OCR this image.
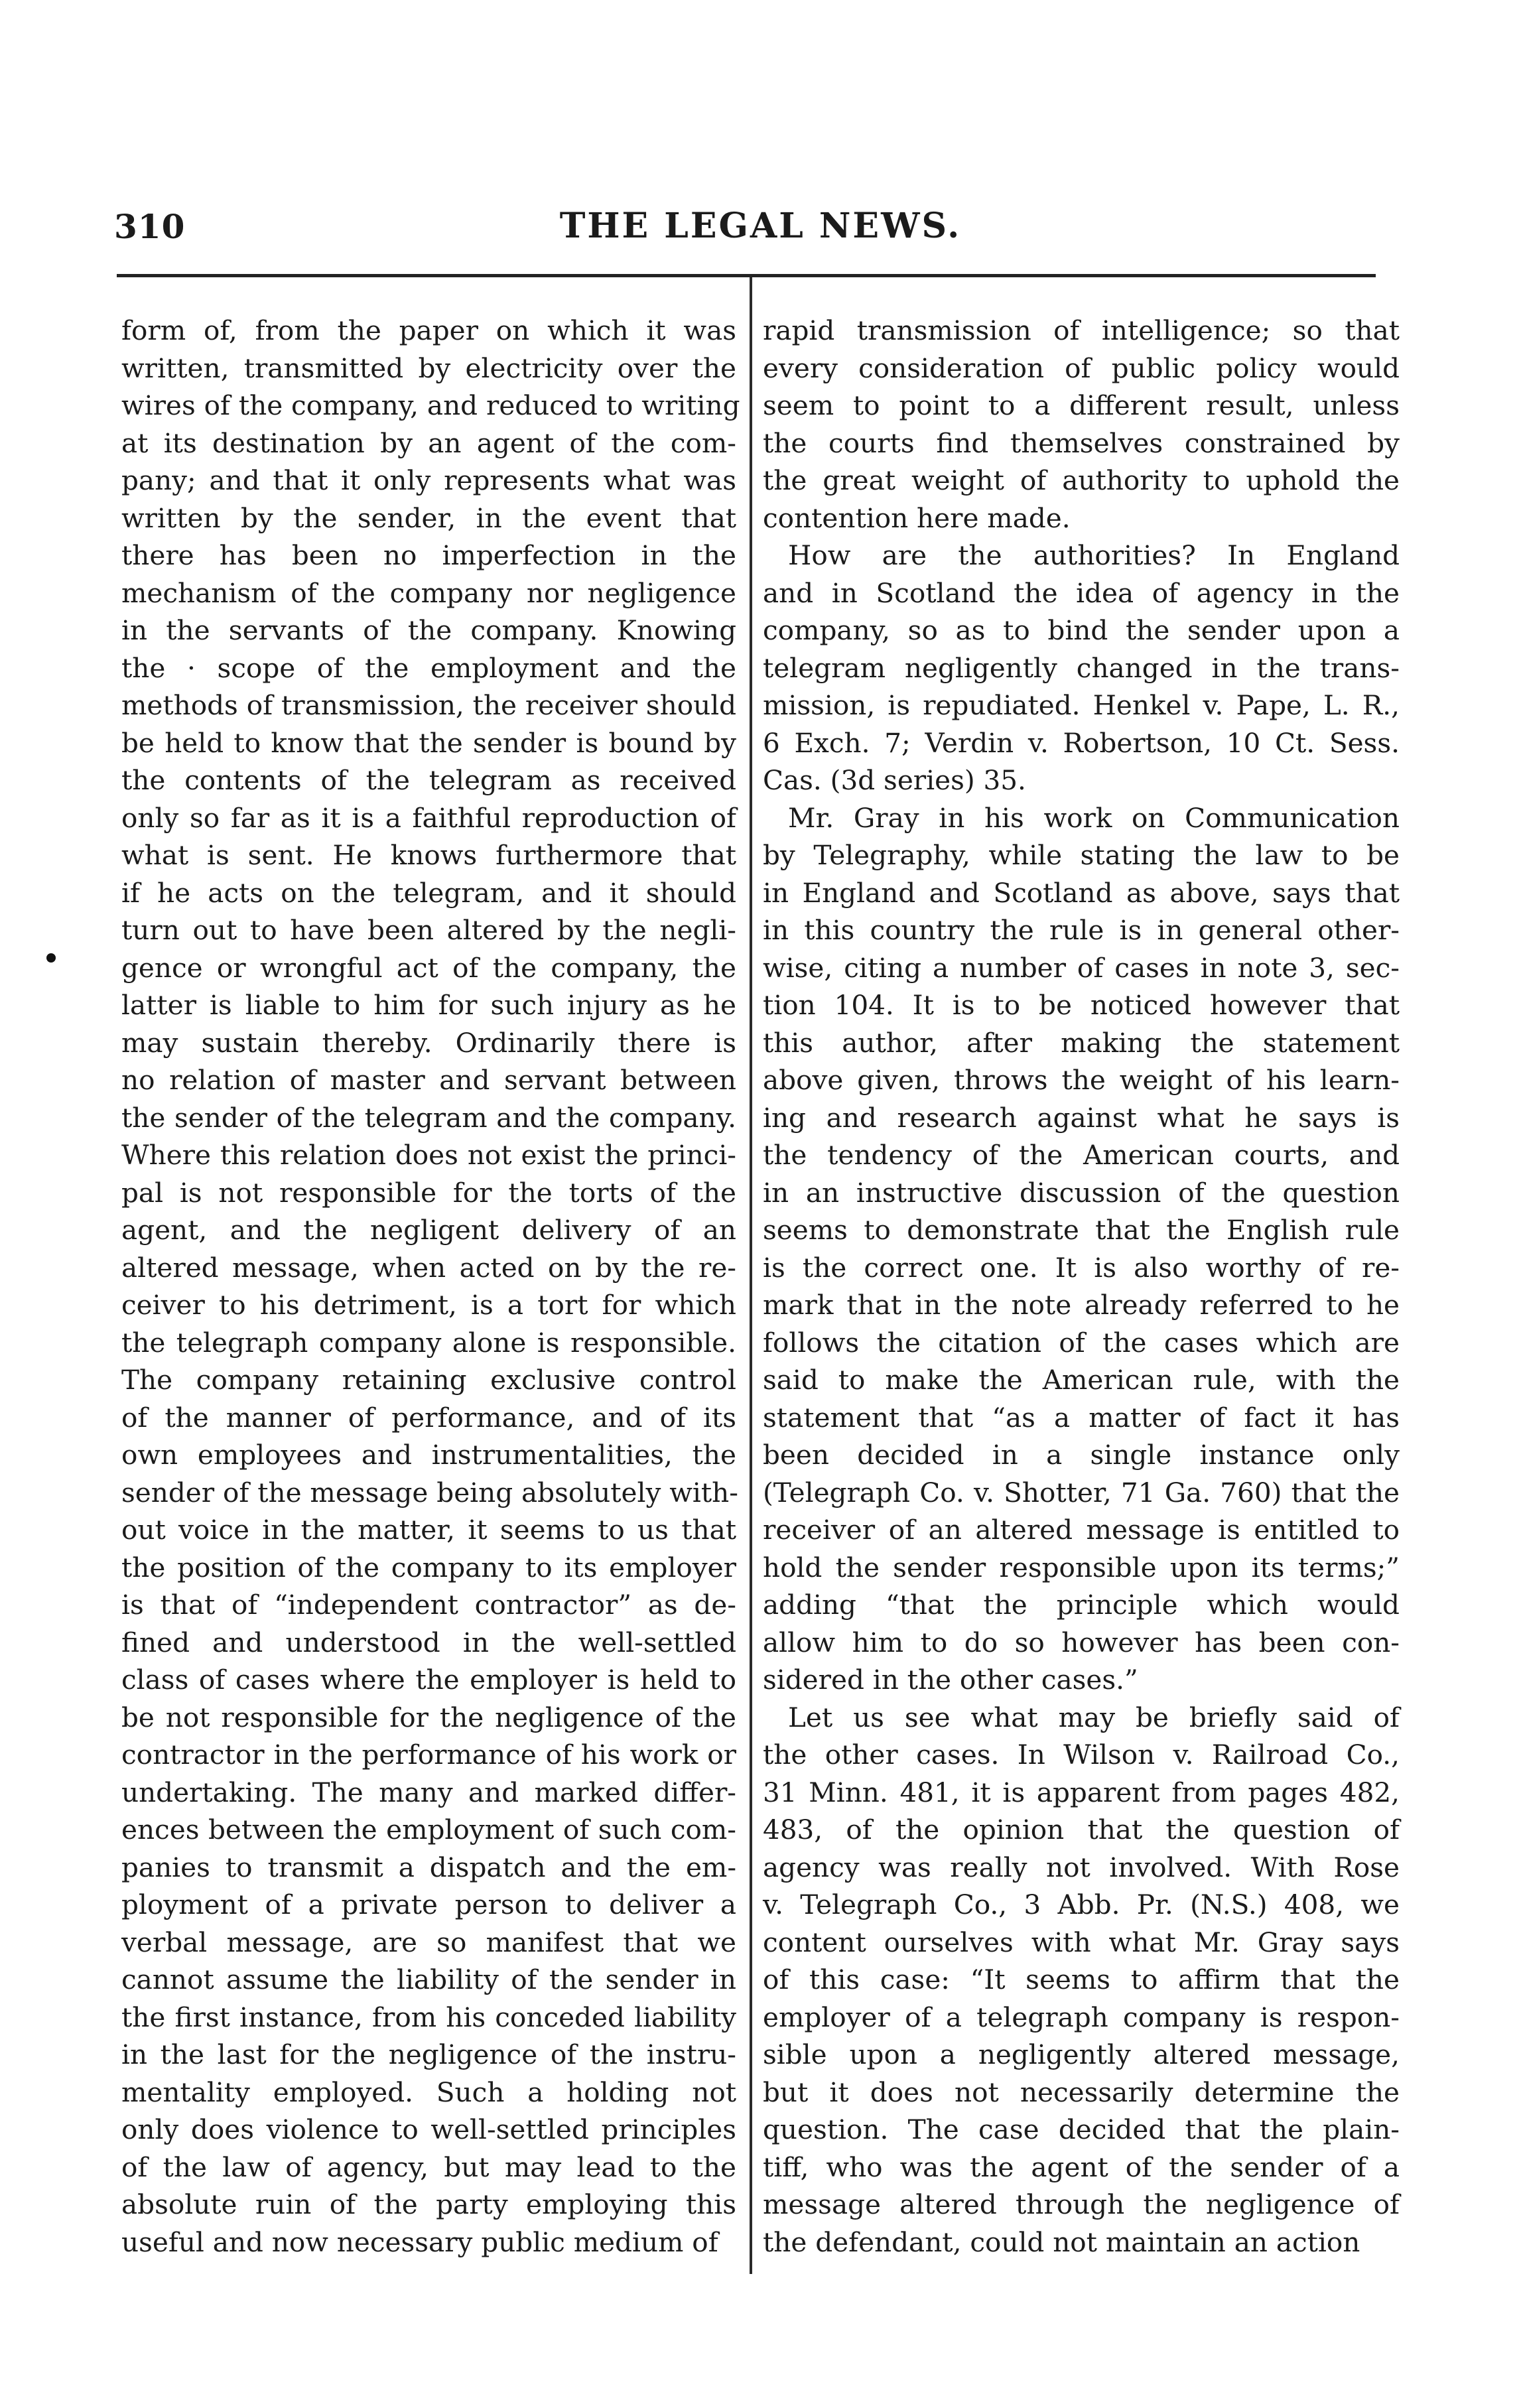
310	THE LEGAL NEWS.
form of, from the paper on which it was
written, transmitted by electricity over the
wires of the company, and reduced to writing
at its destination by an agent of the com-
pany; and that it only represents what was
written by the sender, in the event that
there has been no imperfection in the
mechanism of the company nor negligence
in the servants of the company. Knowing
the · scope of the employment and the
methods of transmission, the receiver should
be held to know that the sender is bound by
the contents of the telegram as received
only so far as it is a faithful reproduction of
what is sent. He knows furthermore that
if he acts on the telegram, and it should
turn out to have been altered by the negli-
gence or wrongful act of the company, the
latter is liable to him for such injury as he
may sustain thereby. Ordinarily there is
no relation of master and servant between
the sender of the telegram and the company.
Where this relation does not exist the princi-
pal is not responsible for the torts of the
agent, and the negligent delivery of an
altered message, when acted on by the re-
ceiver to his detriment, is a tort for which
the telegraph company alone is responsible.
The company retaining exclusive control
of the manner of performance, and of its
own employees and instrumentalities, the
sender of the message being absolutely with-
out voice in the matter, it seems to us that
the position of the company to its employer
is that of “independent contractor” as de-
fined and understood in the well-settled
class of cases where the employer is held to
be not responsible for the negligence of the
contractor in the performance of his work or
undertaking. The many and marked differ-
ences between the employment of such com-
panies to transmit a dispatch and the em-
ployment of a private person to deliver a
verbal message, are so manifest that we
cannot assume the liability of the sender in
the first instance, from his conceded liability
in the last for the negligence of the instru-
mentality employed. Such a holding not
only does violence to well-settled principles
of the law of agency, but may lead to the
absolute ruin of the party employing this
useful and now necessary public medium of
rapid transmission of intelligence; so that
every consideration of public policy would
seem to point to a different result, unless
the courts find themselves constrained by
the great weight of authority to uphold the
contention here made.
How are the authorities? In England
and in Scotland the idea of agency in the
company, so as to bind the sender upon a
telegram negligently changed in the trans-
mission, is repudiated. Henkel v. Pape, L. R.,
6 Exch. 7; Verdin v. Robertson, 10 Ct. Sess.
Cas. (3d series) 35.
Mr. Gray in his work on Communication
by Telegraphy, while stating the law to be
in England and Scotland as above, says that
in this country the rule is in general other-
wise, citing a number of cases in note 3, sec-
tion 104. It is to be noticed however that
this author, after making the statement
above given, throws the weight of his learn-
ing and research against what he says is
the tendency of the American courts, and
in an instructive discussion of the question
seems to demonstrate that the English rule
is the correct one. It is also worthy of re-
mark that in the note already referred to he
follows the citation of the cases which are
said to make the American rule, with the
statement that “as a matter of fact it has
been decided in a single instance only
(Telegraph Co. v. Shotter, 71 Ga. 760) that the
receiver of an altered message is entitled to
hold the sender responsible upon its terms;”
adding “that the principle which would
allow him to do so however has been con-
sidered in the other cases.”
Let us see what may be briefly said of
the other cases. In Wilson v. Railroad Co.,
31 Minn. 481, it is apparent from pages 482,
483, of the opinion that the question of
agency was really not involved. With Rose
v. Telegraph Co., 3 Abb. Pr. (N.S.) 408, we
content ourselves with what Mr. Gray says
of this case: “It seems to affirm that the
employer of a telegraph company is respon-
sible upon a negligently altered message,
but it does not necessarily determine the
question. The case decided that the plain-
tiff, who was the agent of the sender of a
message altered through the negligence of
the defendant, could not maintain an action
